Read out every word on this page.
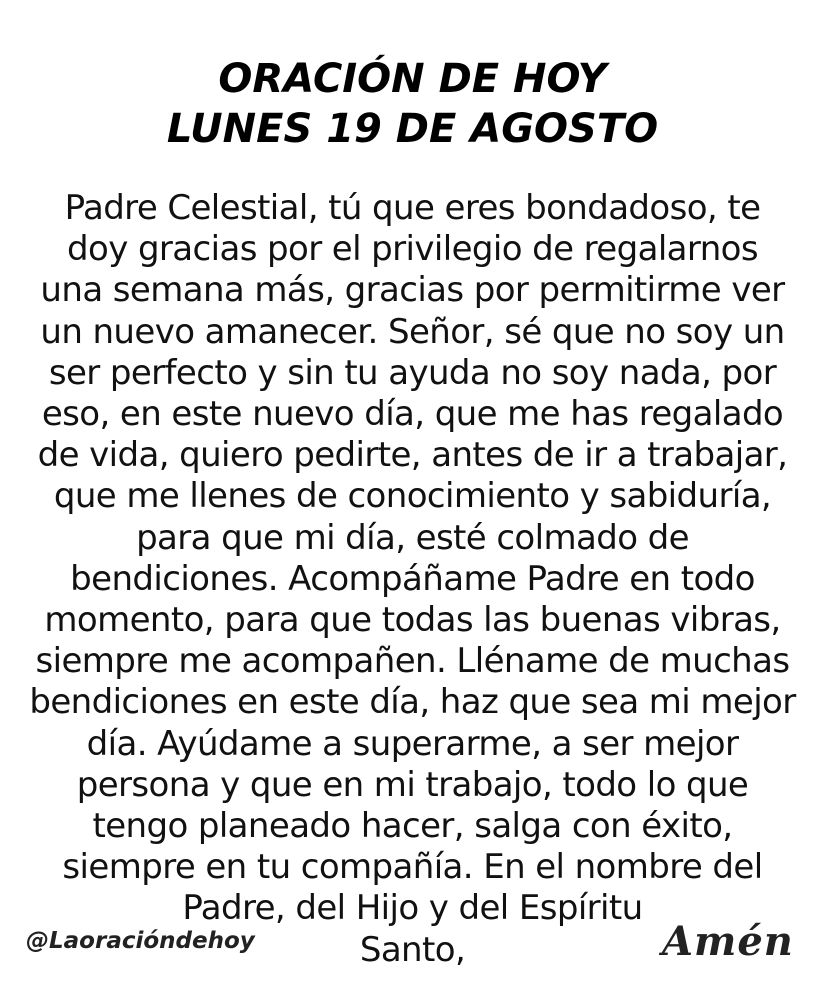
ORACIÓN DE HOY
LUNES 19 DE AGOSTO
Padre Celestial, tú que eres bondadoso, te
doy gracias por el privilegio de regalarnos
una semana más, gracias por permitirme ver
un nuevo amanecer. Señor, sé que no soy un
ser perfecto y sin tu ayuda no soy nada, por
eso, en este nuevo día, que me has regalado
de vida, quiero pedirte, antes de ir a trabajar,
que me llenes de conocimiento y sabiduría,
para que mi día, esté colmado de
bendiciones. Acompáñame Padre en todo
momento, para que todas las buenas vibras,
siempre me acompañen. Lléname de muchas
bendiciones en este día, haz que sea mi mejor
día. Ayúdame a superarme, a ser mejor
persona y que en mi trabajo, todo lo que
tengo planeado hacer, salga con éxito,
siempre en tu compañía. En el nombre del
Padre, del Hijo y del Espíritu
Santo,
@Laoracióndehoy	Amén
